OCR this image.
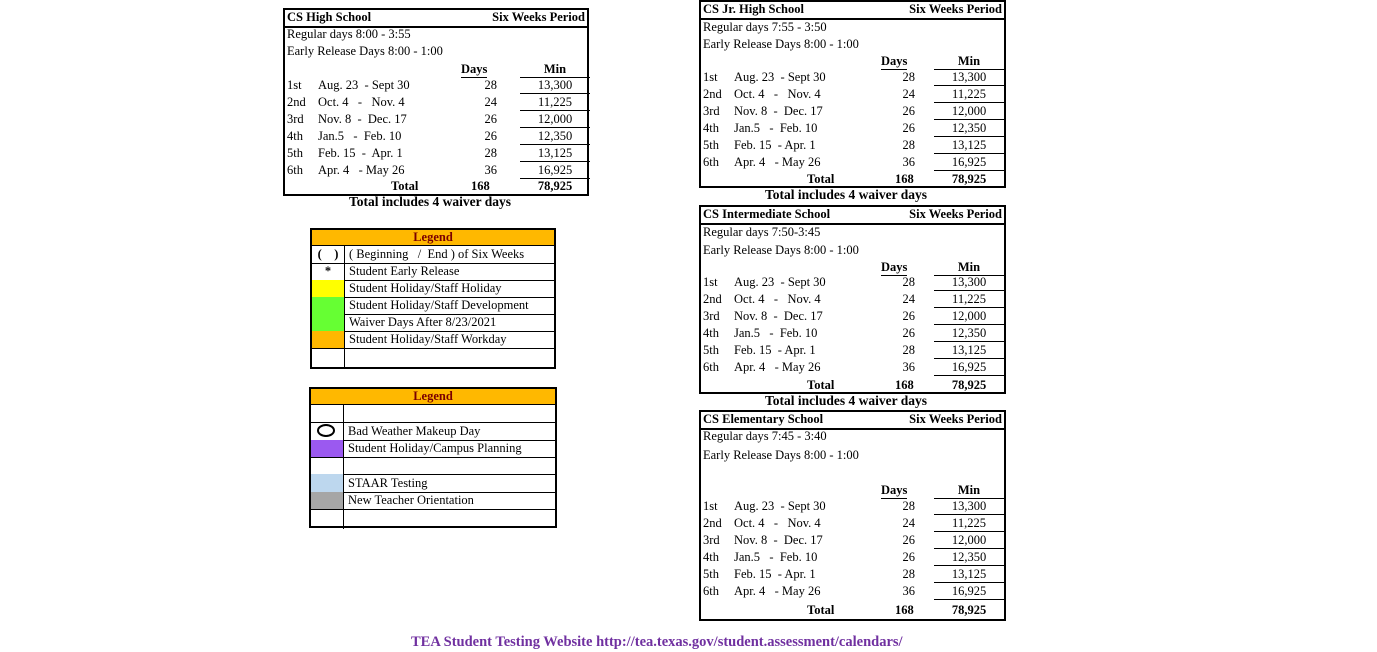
CS High School	Six Weeks Period
Regular days 8:00 - 3:55
Early Release Days 8:00 - 1:00
Days	Min
1st Aug. 23  - Sept 30	28	13,300
2nd Oct. 4   -   Nov. 4	24	11,225
3rd Nov. 8  -  Dec. 17	26	12,000
4th Jan.5   -  Feb. 10	26	12,350
5th Feb. 15  -  Apr. 1	28	13,125
6th Apr. 4   - May 26	36	16,925
Total	168	78,925
Total includes 4 waiver days
CS Jr. High School	Six Weeks Period
Regular days 7:55 - 3:50
Early Release Days 8:00 - 1:00
Days	Min
1st Aug. 23  - Sept 30	28	13,300
2nd Oct. 4   -   Nov. 4	24	11,225
3rd Nov. 8  -  Dec. 17	26	12,000
4th Jan.5   -  Feb. 10	26	12,350
5th Feb. 15  - Apr. 1	28	13,125
6th Apr. 4   - May 26	36	16,925
Total	168	78,925
Total includes 4 waiver days
CS Intermediate School	Six Weeks Period
Regular days 7:50-3:45
Early Release Days 8:00 - 1:00
Days	Min
1st Aug. 23  - Sept 30	28	13,300
2nd Oct. 4   -   Nov. 4	24	11,225
3rd Nov. 8  -  Dec. 17	26	12,000
4th Jan.5   -  Feb. 10	26	12,350
5th Feb. 15  - Apr. 1	28	13,125
6th Apr. 4   - May 26	36	16,925
Total	168	78,925
Total includes 4 waiver days
CS Elementary School	Six Weeks Period
Regular days 7:45 - 3:40
Early Release Days 8:00 - 1:00
Days	Min
1st Aug. 23  - Sept 30	28	13,300
2nd Oct. 4   -   Nov. 4	24	11,225
3rd Nov. 8  -  Dec. 17	26	12,000
4th Jan.5   -  Feb. 10	26	12,350
5th Feb. 15  - Apr. 1	28	13,125
6th Apr. 4   - May 26	36	16,925
Total	168	78,925
Legend
(    ) ( Beginning   /  End ) of Six Weeks
*	Student Early Release
Student Holiday/Staff Holiday
Student Holiday/Staff Development
Waiver Days After 8/23/2021
Student Holiday/Staff Workday
Legend
Bad Weather Makeup Day
Student Holiday/Campus Planning
STAAR Testing
New Teacher Orientation
TEA Student Testing Website http://tea.texas.gov/student.assessment/calendars/
